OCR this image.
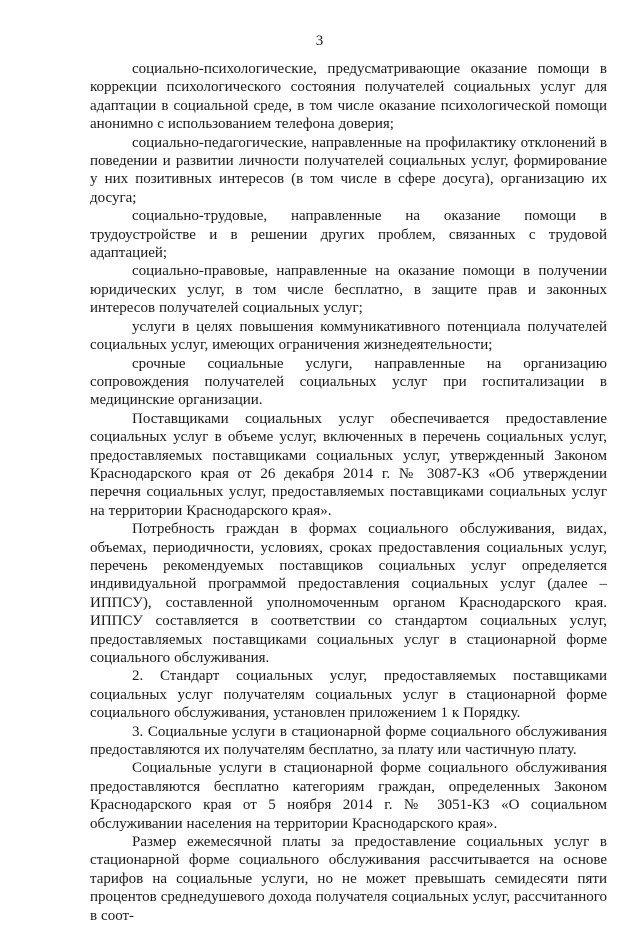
3

социально-психологические, предусматривающие оказание помощи в коррекции психологического состояния получателей социальных услуг для адаптации в социальной среде, в том числе оказание психологической помощи анонимно с использованием телефона доверия;

социально-педагогические, направленные на профилактику отклонений в поведении и развитии личности получателей социальных услуг, формирование у них позитивных интересов (в том числе в сфере досуга), организацию их досуга;

социально-трудовые, направленные на оказание помощи в трудоустройстве и в решении других проблем, связанных с трудовой адаптацией;

социально-правовые, направленные на оказание помощи в получении юридических услуг, в том числе бесплатно, в защите прав и законных интересов получателей социальных услуг;

услуги в целях повышения коммуникативного потенциала получателей социальных услуг, имеющих ограничения жизнедеятельности;

срочные социальные услуги, направленные на организацию сопровождения получателей социальных услуг при госпитализации в медицинские организации.

Поставщиками социальных услуг обеспечивается предоставление социальных услуг в объеме услуг, включенных в перечень социальных услуг, предоставляемых поставщиками социальных услуг, утвержденный Законом Краснодарского края от 26 декабря 2014 г. № 3087-КЗ «Об утверждении перечня социальных услуг, предоставляемых поставщиками социальных услуг на территории Краснодарского края».

Потребность граждан в формах социального обслуживания, видах, объемах, периодичности, условиях, сроках предоставления социальных услуг, перечень рекомендуемых поставщиков социальных услуг определяется индивидуальной программой предоставления социальных услуг (далее – ИППСУ), составленной уполномоченным органом Краснодарского края. ИППСУ составляется в соответствии со стандартом социальных услуг, предоставляемых поставщиками социальных услуг в стационарной форме социального обслуживания.

2. Стандарт социальных услуг, предоставляемых поставщиками социальных услуг получателям социальных услуг в стационарной форме социального обслуживания, установлен приложением 1 к Порядку.

3. Социальные услуги в стационарной форме социального обслуживания предоставляются их получателям бесплатно, за плату или частичную плату.

Социальные услуги в стационарной форме социального обслуживания предоставляются бесплатно категориям граждан, определенных Законом Краснодарского края от 5 ноября 2014 г. № 3051-КЗ «О социальном обслуживании населения на территории Краснодарского края».

Размер ежемесячной платы за предоставление социальных услуг в стационарной форме социального обслуживания рассчитывается на основе тарифов на социальные услуги, но не может превышать семидесяти пяти процентов среднедушевого дохода получателя социальных услуг, рассчитанного в соот-
